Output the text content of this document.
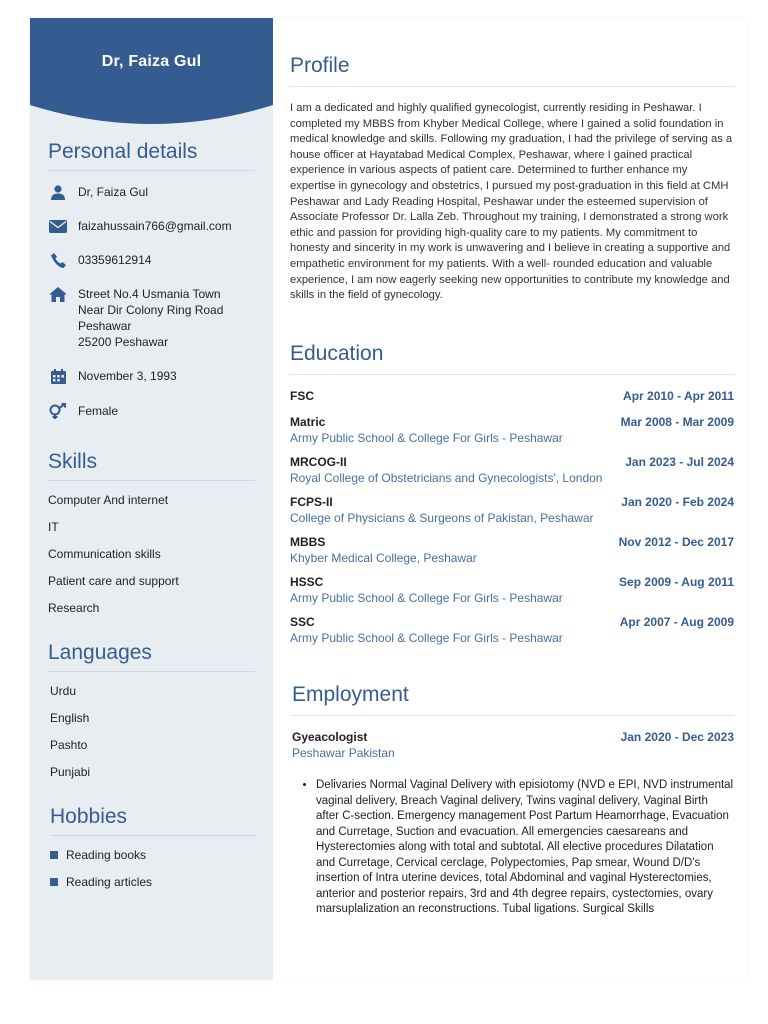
Dr, Faiza Gul
Personal details
Dr, Faiza Gul
faizahussain766@gmail.com
03359612914
Street No.4 Usmania Town
Near Dir Colony Ring Road
Peshawar
25200 Peshawar
November 3, 1993
Female
Skills
Computer And internet
IT
Communication skills
Patient care and support
Research
Languages
Urdu
English
Pashto
Punjabi
Hobbies
Reading books
Reading articles
Profile
I am a dedicated and highly qualified gynecologist, currently residing in Peshawar. I completed my MBBS from Khyber Medical College, where I gained a solid foundation in medical knowledge and skills. Following my graduation, I had the privilege of serving as a house officer at Hayatabad Medical Complex, Peshawar, where I gained practical experience in various aspects of patient care. Determined to further enhance my expertise in gynecology and obstetrics, I pursued my post-graduation in this field at CMH Peshawar and Lady Reading Hospital, Peshawar under the esteemed supervision of Associate Professor Dr. Lalla Zeb. Throughout my training, I demonstrated a strong work ethic and passion for providing high-quality care to my patients. My commitment to honesty and sincerity in my work is unwavering and I believe in creating a supportive and empathetic environment for my patients. With a well- rounded education and valuable experience, I am now eagerly seeking new opportunities to contribute my knowledge and skills in the field of gynecology.
Education
FSC	Apr 2010 - Apr 2011
Matric	Mar 2008 - Mar 2009
Army Public School & College For Girls - Peshawar
MRCOG-II	Jan 2023 - Jul 2024
Royal College of Obstetricians and Gynecologists', London
FCPS-II	Jan 2020 - Feb 2024
College of Physicians & Surgeons of Pakistan, Peshawar
MBBS	Nov 2012 - Dec 2017
Khyber Medical College, Peshawar
HSSC	Sep 2009 - Aug 2011
Army Public School & College For Girls - Peshawar
SSC	Apr 2007 - Aug 2009
Army Public School & College For Girls - Peshawar
Employment
Gyeacologist	Jan 2020 - Dec 2023
Peshawar Pakistan
• Delivaries Normal Vaginal Delivery with episiotomy (NVD e EPI, NVD instrumental vaginal delivery, Breach Vaginal delivery, Twins vaginal delivery, Vaginal Birth after C-section. Emergency management Post Partum Heamorrhage, Evacuation and Curretage, Suction and evacuation. All emergencies caesareans and Hysterectomies along with total and subtotal. All elective procedures Dilatation and Curretage, Cervical cerclage, Polypectomies, Pap smear, Wound D/D's insertion of Intra uterine devices, total Abdominal and vaginal Hysterectomies, anterior and posterior repairs, 3rd and 4th degree repairs, cystectomies, ovary marsuplalization an reconstructions. Tubal ligations. Surgical Skills
